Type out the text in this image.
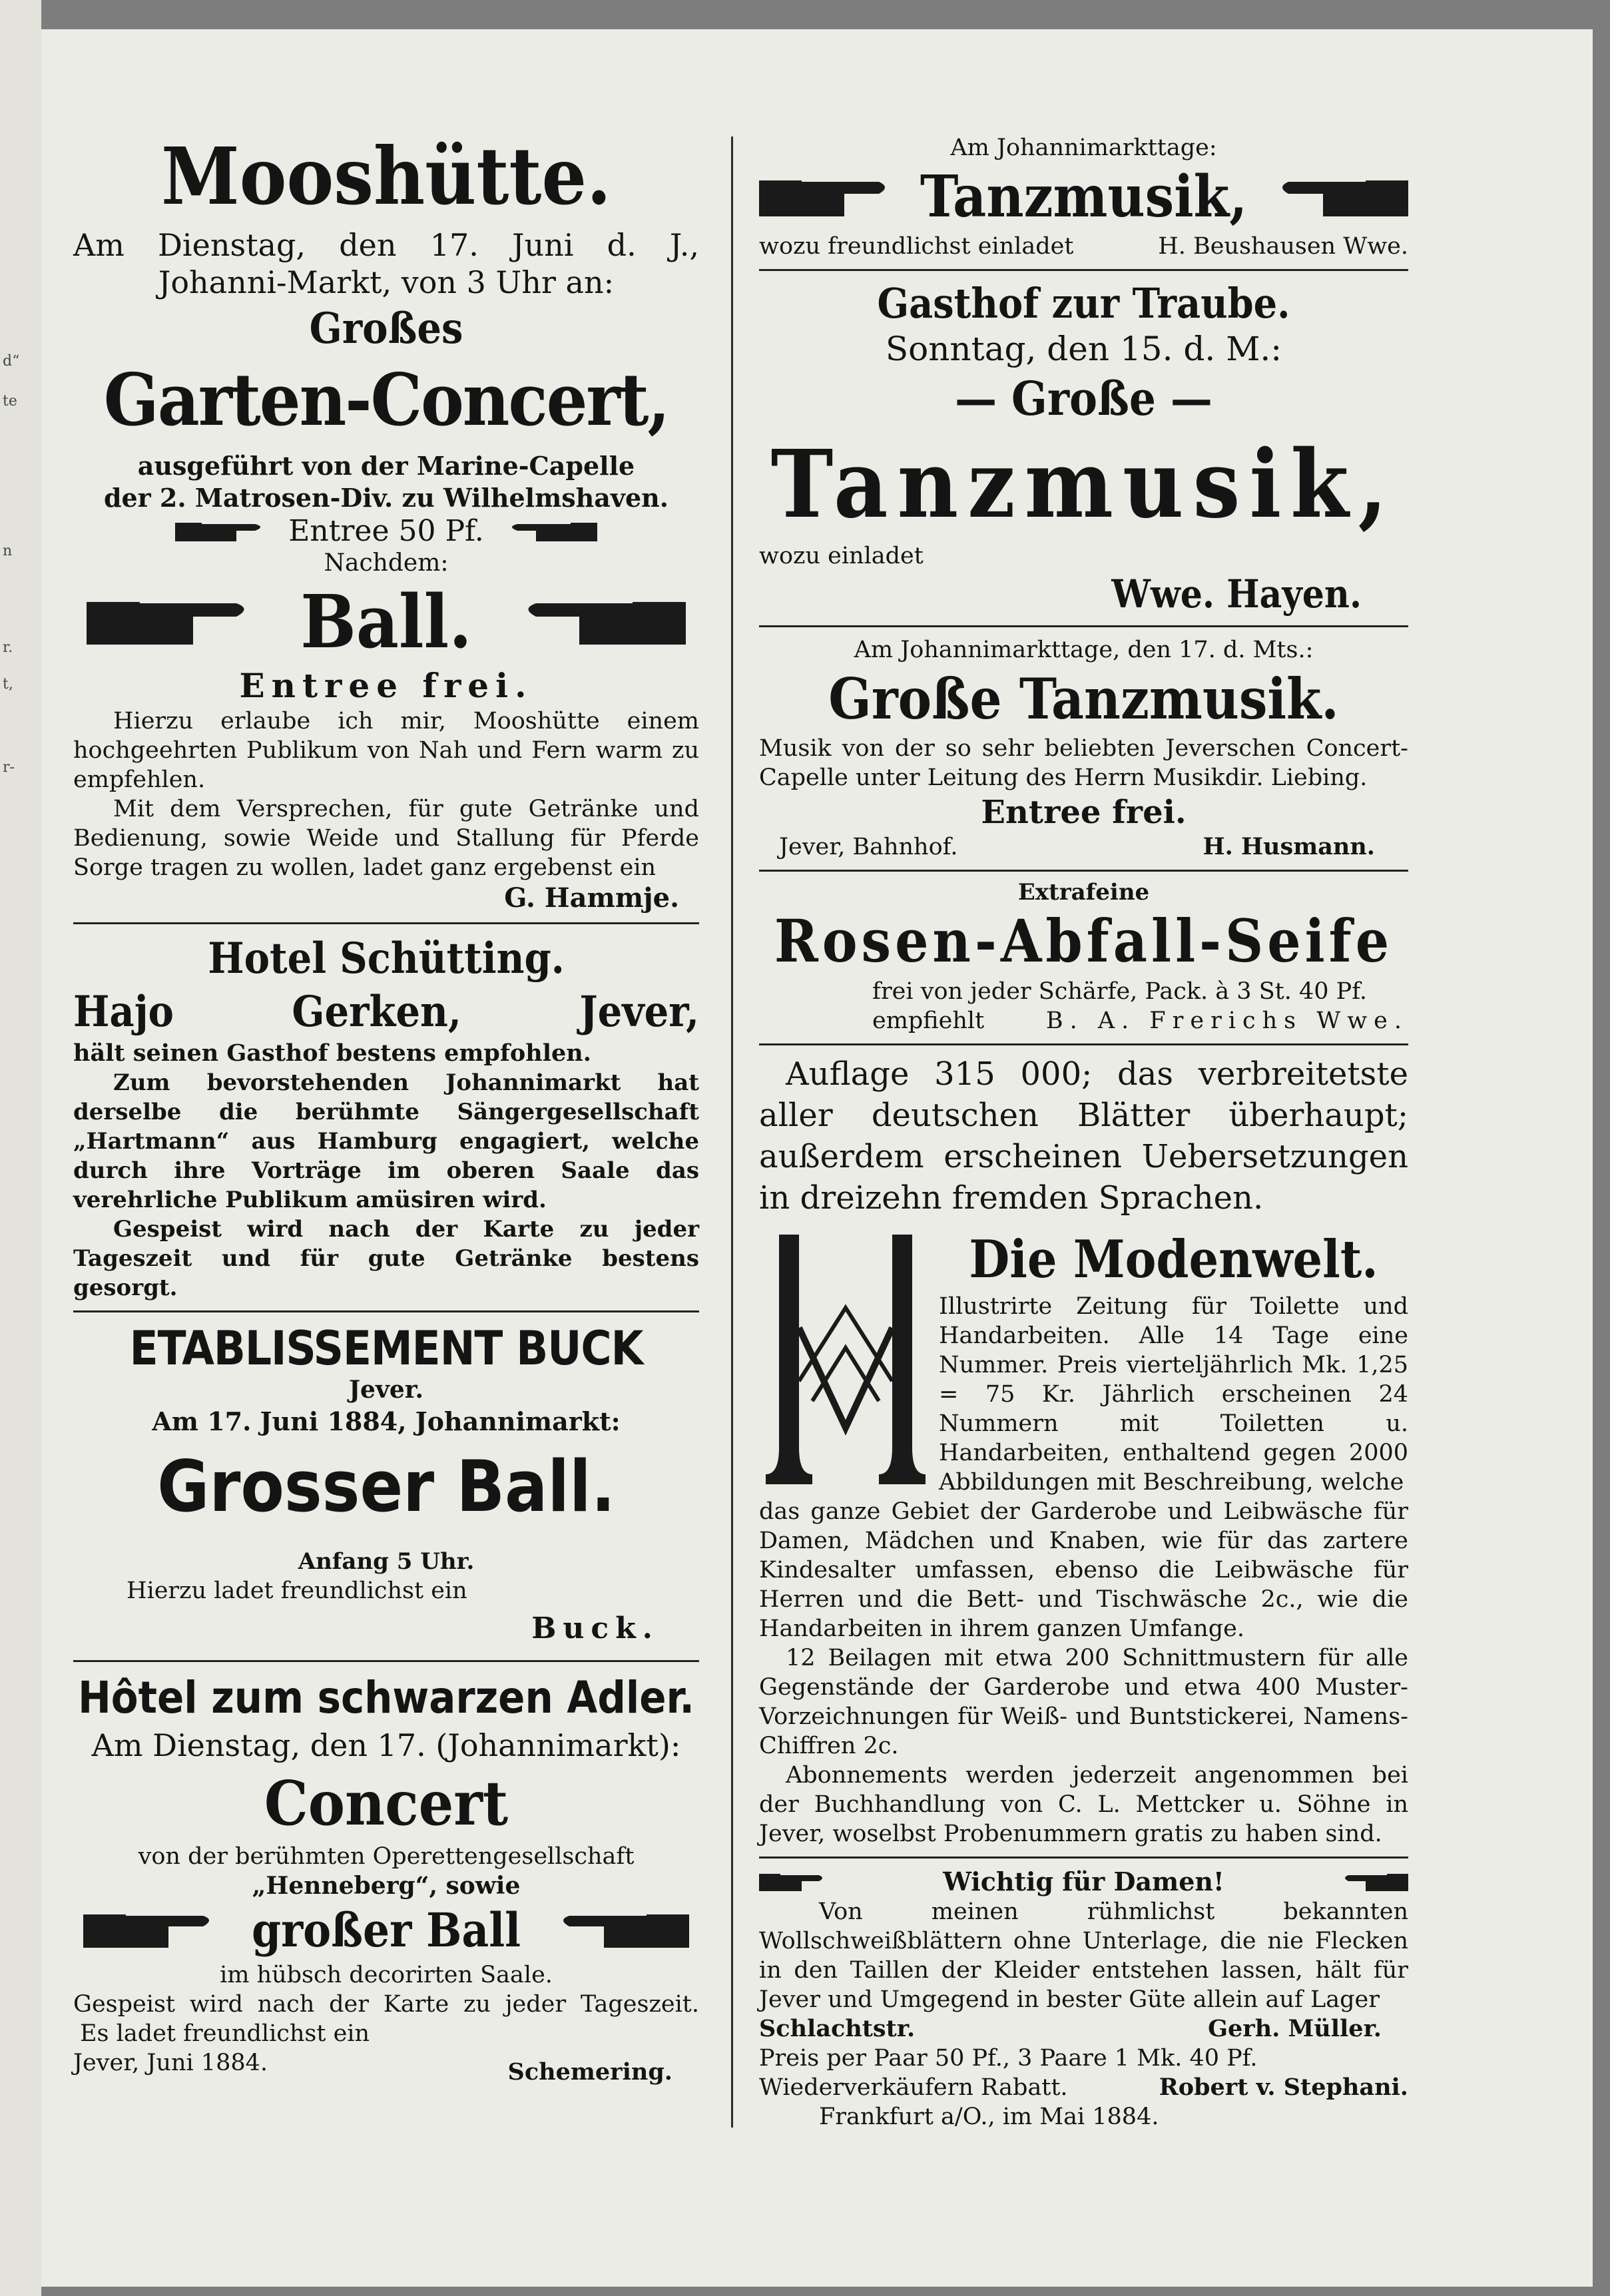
d“
te
n
r.
t,
r-
Mooshütte.
Am Dienstag, den 17. Juni d. J.,
Johanni-Markt, von 3 Uhr an:
Großes
Garten-Concert,
ausgeführt von der Marine-Capelle
der 2. Matrosen-Div. zu Wilhelmshaven.
Entree 50 Pf.
Nachdem:
Ball.
Entree frei.
Hierzu erlaube ich mir, Mooshütte einem hochgeehrten Publikum von Nah und Fern warm zu empfehlen.
Mit dem Versprechen, für gute Getränke und Bedienung, sowie Weide und Stallung für Pferde Sorge tragen zu wollen, ladet ganz ergebenst ein
G. Hammje.
Hotel Schütting.
Hajo Gerken, Jever,
hält seinen Gasthof bestens empfohlen.
Zum bevorstehenden Johannimarkt hat derselbe die berühmte Sängergesellschaft „Hartmann“ aus Hamburg engagiert, welche durch ihre Vorträge im oberen Saale das verehrliche Publikum amüsiren wird.
Gespeist wird nach der Karte zu jeder Tageszeit und für gute Getränke bestens gesorgt.
ETABLISSEMENT BUCK
Jever.
Am 17. Juni 1884, Johannimarkt:
Grosser Ball.
Anfang 5 Uhr.
Hierzu ladet freundlichst ein
Buck.
Hôtel zum schwarzen Adler.
Am Dienstag, den 17. (Johannimarkt):
Concert
von der berühmten Operettengesellschaft
„Henneberg“, sowie
großer Ball
im hübsch decorirten Saale.
Gespeist wird nach der Karte zu jeder Tageszeit.
Es ladet freundlichst ein
Jever, Juni 1884.	Schemering.
Am Johannimarkttage:
Tanzmusik,
wozu freundlichst einladet	H. Beushausen Wwe.
Gasthof zur Traube.
Sonntag, den 15. d. M.:
— Große —
Tanzmusik,
wozu einladet
Wwe. Hayen.
Am Johannimarkttage, den 17. d. Mts.:
Große Tanzmusik.
Musik von der so sehr beliebten Jeverschen Concert-Capelle unter Leitung des Herrn Musikdir. Liebing.
Entree frei.
Jever, Bahnhof.	H. Husmann.
Extrafeine
Rosen-Abfall-Seife
frei von jeder Schärfe, Pack. à 3 St. 40 Pf.
empfiehlt	B. A. Frerichs Wwe.
Auflage 315 000; das verbreitetste aller deutschen Blätter überhaupt; außerdem erscheinen Uebersetzungen in dreizehn fremden Sprachen.
Die Modenwelt.
Illustrirte Zeitung für Toilette und Handarbeiten. Alle 14 Tage eine Nummer. Preis vierteljährlich Mk. 1,25 = 75 Kr. Jährlich erscheinen 24 Nummern mit Toiletten u. Handarbeiten, enthaltend gegen 2000 Abbildungen mit Beschreibung, welche
das ganze Gebiet der Garderobe und Leibwäsche für Damen, Mädchen und Knaben, wie für das zartere Kindesalter umfassen, ebenso die Leibwäsche für Herren und die Bett- und Tischwäsche 2c., wie die Handarbeiten in ihrem ganzen Umfange.
12 Beilagen mit etwa 200 Schnittmustern für alle Gegenstände der Garderobe und etwa 400 Muster-Vorzeichnungen für Weiß- und Buntstickerei, Namens-Chiffren 2c.
Abonnements werden jederzeit angenommen bei der Buchhandlung von C. L. Mettcker u. Söhne in Jever, woselbst Probenummern gratis zu haben sind.
Wichtig für Damen!
Von meinen rühmlichst bekannten Wollschweißblättern ohne Unterlage, die nie Flecken in den Taillen der Kleider entstehen lassen, hält für Jever und Umgegend in bester Güte allein auf Lager
Schlachtstr.	Gerh. Müller.
Preis per Paar 50 Pf., 3 Paare 1 Mk. 40 Pf.
Wiederverkäufern Rabatt.	Robert v. Stephani.
Frankfurt a/O., im Mai 1884.
